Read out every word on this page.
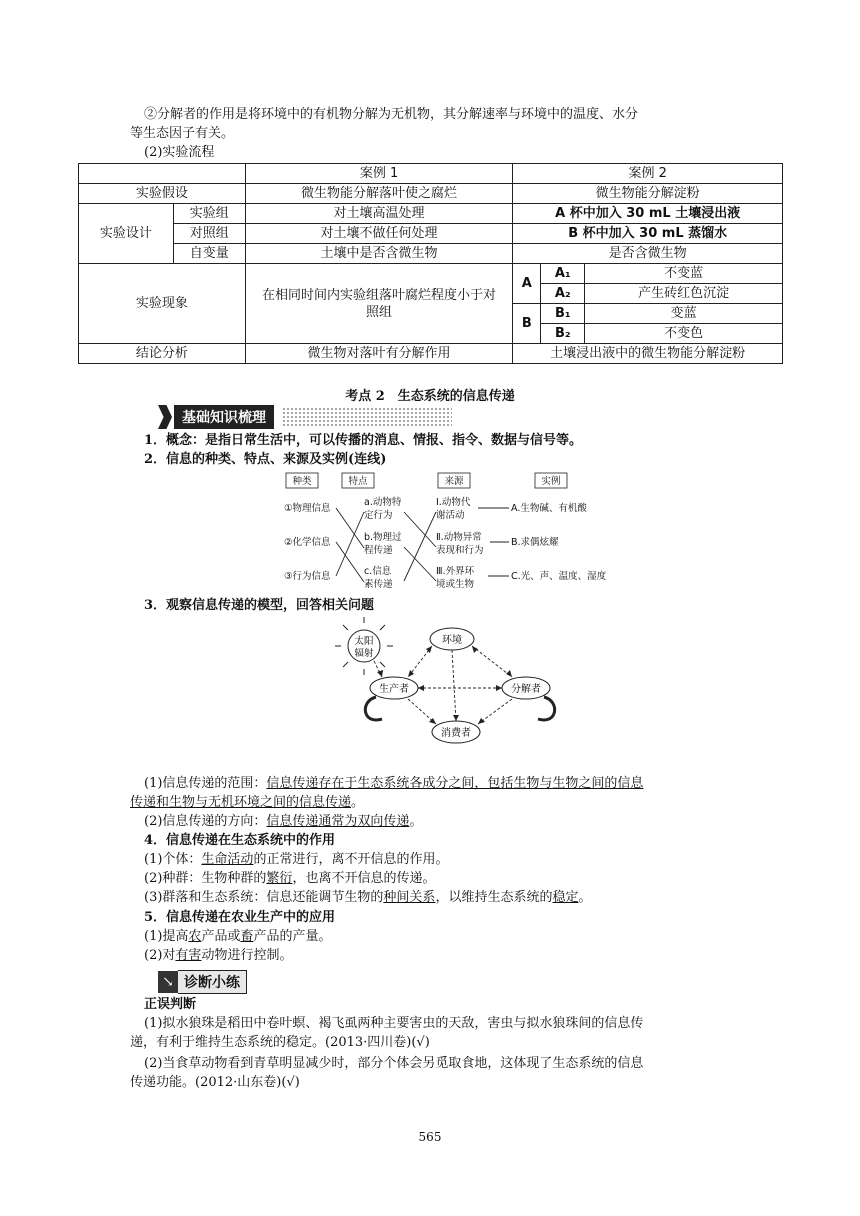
②分解者的作用是将环境中的有机物分解为无机物，其分解速率与环境中的温度、水分
等生态因子有关。
(2)实验流程
		案例 1	案例 2		
实验假设		微生物能分解落叶使之腐烂	微生物能分解淀粉		
实验设计	实验组	对土壤高温处理	A 杯中加入 30 mL 土壤浸出液		
	对照组	对土壤不做任何处理	B 杯中加入 30 mL 蒸馏水		
	自变量	土壤中是否含微生物	是否含微生物		
实验现象		在相同时间内实验组落叶腐烂程度小于对照组	A	A₁	不变蓝
				A₂	产生砖红色沉淀
			B	B₁	变蓝
				B₂	不变色
结论分析		微生物对落叶有分解作用	土壤浸出液中的微生物能分解淀粉		
考点 2　生态系统的信息传递
基础知识梳理
1．概念：是指日常生活中，可以传播的消息、情报、指令、数据与信号等。
2．信息的种类、特点、来源及实例(连线)
种类	特点	来源	实例
①物理信息
②化学信息
③行为信息
a.动物特
定行为
b.物理过
程传递
c.信息
素传递
Ⅰ.动物代
谢活动
Ⅱ.动物异常
表现和行为
Ⅲ.外界环
境或生物
A.生物碱、有机酸
B.求偶炫耀
C.光、声、温度、湿度
3．观察信息传递的模型，回答相关问题
太阳
辐射
环境
生产者	分解者
消费者
(1)信息传递的范围：信息传递存在于生态系统各成分之间，包括生物与生物之间的信息
传递和生物与无机环境之间的信息传递。
(2)信息传递的方向：信息传递通常为双向传递。
4．信息传递在生态系统中的作用
(1)个体：生命活动的正常进行，离不开信息的作用。
(2)种群：生物种群的繁衍，也离不开信息的传递。
(3)群落和生态系统：信息还能调节生物的种间关系，以维持生态系统的稳定。
5．信息传递在农业生产中的应用
(1)提高农产品或畜产品的产量。
(2)对有害动物进行控制。
↘ 诊断小练
正误判断
(1)拟水狼珠是稻田中卷叶螟、褐飞虱两种主要害虫的天敌，害虫与拟水狼珠间的信息传
递，有利于维持生态系统的稳定。(2013·四川卷)(√)
(2)当食草动物看到青草明显减少时，部分个体会另觅取食地，这体现了生态系统的信息
传递功能。(2012·山东卷)(√)
565
